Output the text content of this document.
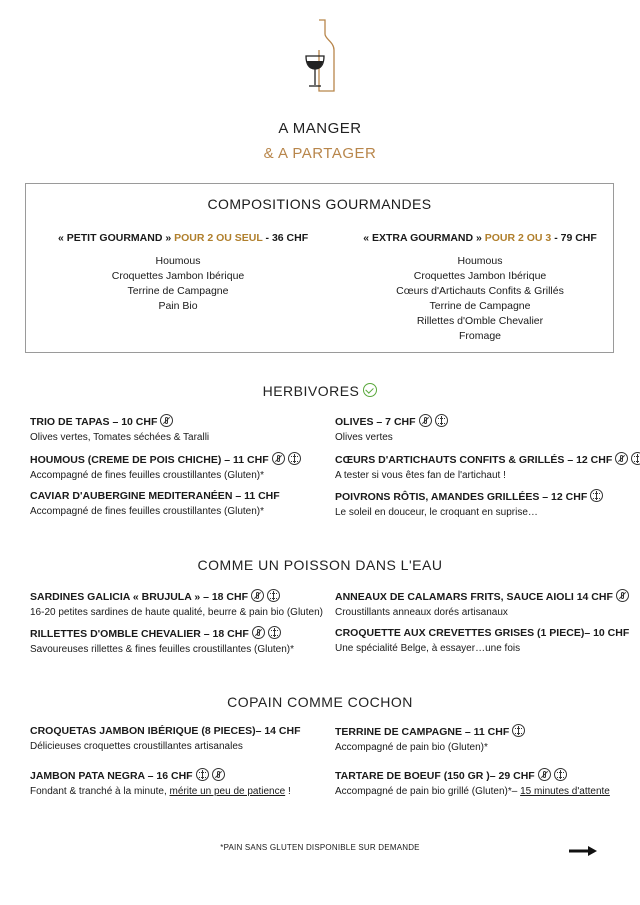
A MANGER
& A PARTAGER
COMPOSITIONS GOURMANDES
« PETIT GOURMAND » POUR 2 OU SEUL - 36 CHF
Houmous
Croquettes Jambon Ibérique
Terrine de Campagne
Pain Bio
« EXTRA GOURMAND » POUR 2 OU 3 - 79 CHF
Houmous
Croquettes Jambon Ibérique
Cœurs d'Artichauts Confits & Grillés
Terrine de Campagne
Rillettes d'Omble Chevalier
Fromage
HERBIVORES
TRIO DE TAPAS – 10 CHF
Olives vertes, Tomates séchées & Taralli
OLIVES – 7 CHF
Olives vertes
HOUMOUS (CREME DE POIS CHICHE) – 11 CHF
Accompagné de fines feuilles croustillantes (Gluten)*
CŒURS D'ARTICHAUTS CONFITS & GRILLÉS – 12 CHF
A tester si vous êtes fan de l'artichaut !
CAVIAR D'AUBERGINE MEDITERANÉEN – 11 CHF
Accompagné de fines feuilles croustillantes (Gluten)*
POIVRONS RÔTIS, AMANDES GRILLÉES – 12 CHF
Le soleil en douceur, le croquant en suprise…
COMME UN POISSON DANS L'EAU
SARDINES GALICIA « BRUJULA » – 18 CHF
16-20 petites sardines de haute qualité, beurre & pain bio (Gluten)
ANNEAUX DE CALAMARS FRITS, SAUCE AIOLI 14 CHF
Croustillants anneaux dorés artisanaux
RILLETTES D'OMBLE CHEVALIER – 18 CHF
Savoureuses rillettes & fines feuilles croustillantes (Gluten)*
CROQUETTE AUX CREVETTES GRISES (1 PIECE)– 10 CHF
Une spécialité Belge, à essayer…une fois
COPAIN COMME COCHON
CROQUETAS JAMBON IBÉRIQUE (8 PIECES)– 14 CHF
Délicieuses croquettes croustillantes artisanales
TERRINE DE CAMPAGNE – 11 CHF
Accompagné de pain bio (Gluten)*
JAMBON PATA NEGRA – 16 CHF
Fondant & tranché à la minute, mérite un peu de patience !
TARTARE DE BOEUF (150 GR )– 29 CHF
Accompagné de pain bio grillé (Gluten)*– 15 minutes d'attente
*PAIN SANS GLUTEN DISPONIBLE SUR DEMANDE
